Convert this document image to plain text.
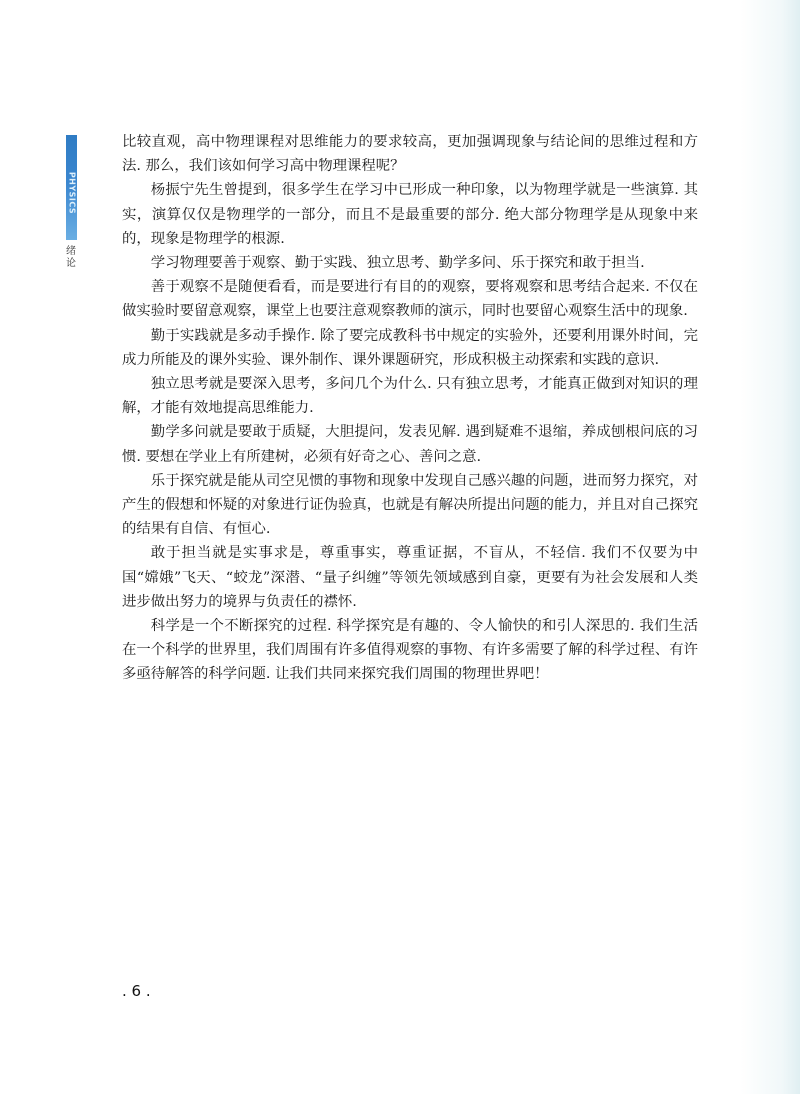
PHYSICS
绪论

比较直观，高中物理课程对思维能力的要求较高，更加强调现象与结论间的思维过程和方法. 那么，我们该如何学习高中物理课程呢？

杨振宁先生曾提到，很多学生在学习中已形成一种印象，以为物理学就是一些演算. 其实，演算仅仅是物理学的一部分，而且不是最重要的部分. 绝大部分物理学是从现象中来的，现象是物理学的根源.

学习物理要善于观察、勤于实践、独立思考、勤学多问、乐于探究和敢于担当.

善于观察不是随便看看，而是要进行有目的的观察，要将观察和思考结合起来. 不仅在做实验时要留意观察，课堂上也要注意观察教师的演示，同时也要留心观察生活中的现象.

勤于实践就是多动手操作. 除了要完成教科书中规定的实验外，还要利用课外时间，完成力所能及的课外实验、课外制作、课外课题研究，形成积极主动探索和实践的意识.

独立思考就是要深入思考，多问几个为什么. 只有独立思考，才能真正做到对知识的理解，才能有效地提高思维能力.

勤学多问就是要敢于质疑，大胆提问，发表见解. 遇到疑难不退缩，养成刨根问底的习惯. 要想在学业上有所建树，必须有好奇之心、善问之意.

乐于探究就是能从司空见惯的事物和现象中发现自己感兴趣的问题，进而努力探究，对产生的假想和怀疑的对象进行证伪验真，也就是有解决所提出问题的能力，并且对自己探究的结果有自信、有恒心.

敢于担当就是实事求是，尊重事实，尊重证据，不盲从，不轻信. 我们不仅要为中国“嫦娥”飞天、“蛟龙”深潜、“量子纠缠”等领先领域感到自豪，更要有为社会发展和人类进步做出努力的境界与负责任的襟怀.

科学是一个不断探究的过程. 科学探究是有趣的、令人愉快的和引人深思的. 我们生活在一个科学的世界里，我们周围有许多值得观察的事物、有许多需要了解的科学过程、有许多亟待解答的科学问题. 让我们共同来探究我们周围的物理世界吧！

. 6 .
